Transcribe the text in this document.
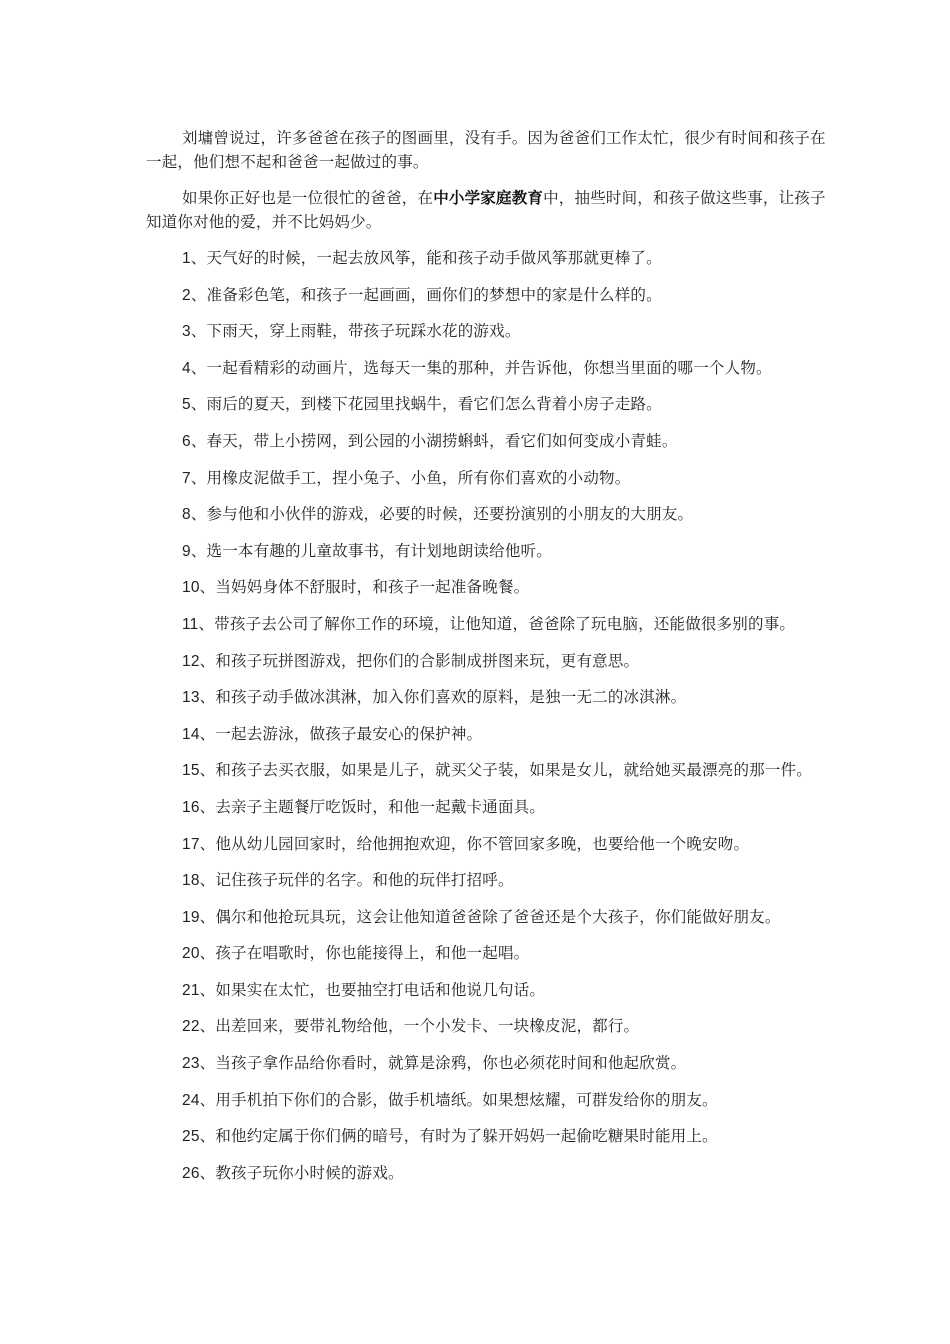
刘墉曾说过，许多爸爸在孩子的图画里，没有手。因为爸爸们工作太忙，很少有时间和孩子在一起，他们想不起和爸爸一起做过的事。

如果你正好也是一位很忙的爸爸，在中小学家庭教育中，抽些时间，和孩子做这些事，让孩子知道你对他的爱，并不比妈妈少。

1、天气好的时候，一起去放风筝，能和孩子动手做风筝那就更棒了。
2、准备彩色笔，和孩子一起画画，画你们的梦想中的家是什么样的。
3、下雨天，穿上雨鞋，带孩子玩踩水花的游戏。
4、一起看精彩的动画片，选每天一集的那种，并告诉他，你想当里面的哪一个人物。
5、雨后的夏天，到楼下花园里找蜗牛，看它们怎么背着小房子走路。
6、春天，带上小捞网，到公园的小湖捞蝌蚪，看它们如何变成小青蛙。
7、用橡皮泥做手工，捏小兔子、小鱼，所有你们喜欢的小动物。
8、参与他和小伙伴的游戏，必要的时候，还要扮演别的小朋友的大朋友。
9、选一本有趣的儿童故事书，有计划地朗读给他听。
10、当妈妈身体不舒服时，和孩子一起准备晚餐。
11、带孩子去公司了解你工作的环境，让他知道，爸爸除了玩电脑，还能做很多别的事。
12、和孩子玩拼图游戏，把你们的合影制成拼图来玩，更有意思。
13、和孩子动手做冰淇淋，加入你们喜欢的原料，是独一无二的冰淇淋。
14、一起去游泳，做孩子最安心的保护神。
15、和孩子去买衣服，如果是儿子，就买父子装，如果是女儿，就给她买最漂亮的那一件。
16、去亲子主题餐厅吃饭时，和他一起戴卡通面具。
17、他从幼儿园回家时，给他拥抱欢迎，你不管回家多晚，也要给他一个晚安吻。
18、记住孩子玩伴的名字。和他的玩伴打招呼。
19、偶尔和他抢玩具玩，这会让他知道爸爸除了爸爸还是个大孩子，你们能做好朋友。
20、孩子在唱歌时，你也能接得上，和他一起唱。
21、如果实在太忙，也要抽空打电话和他说几句话。
22、出差回来，要带礼物给他，一个小发卡、一块橡皮泥，都行。
23、当孩子拿作品给你看时，就算是涂鸦，你也必须花时间和他起欣赏。
24、用手机拍下你们的合影，做手机墙纸。如果想炫耀，可群发给你的朋友。
25、和他约定属于你们俩的暗号，有时为了躲开妈妈一起偷吃糖果时能用上。
26、教孩子玩你小时候的游戏。
